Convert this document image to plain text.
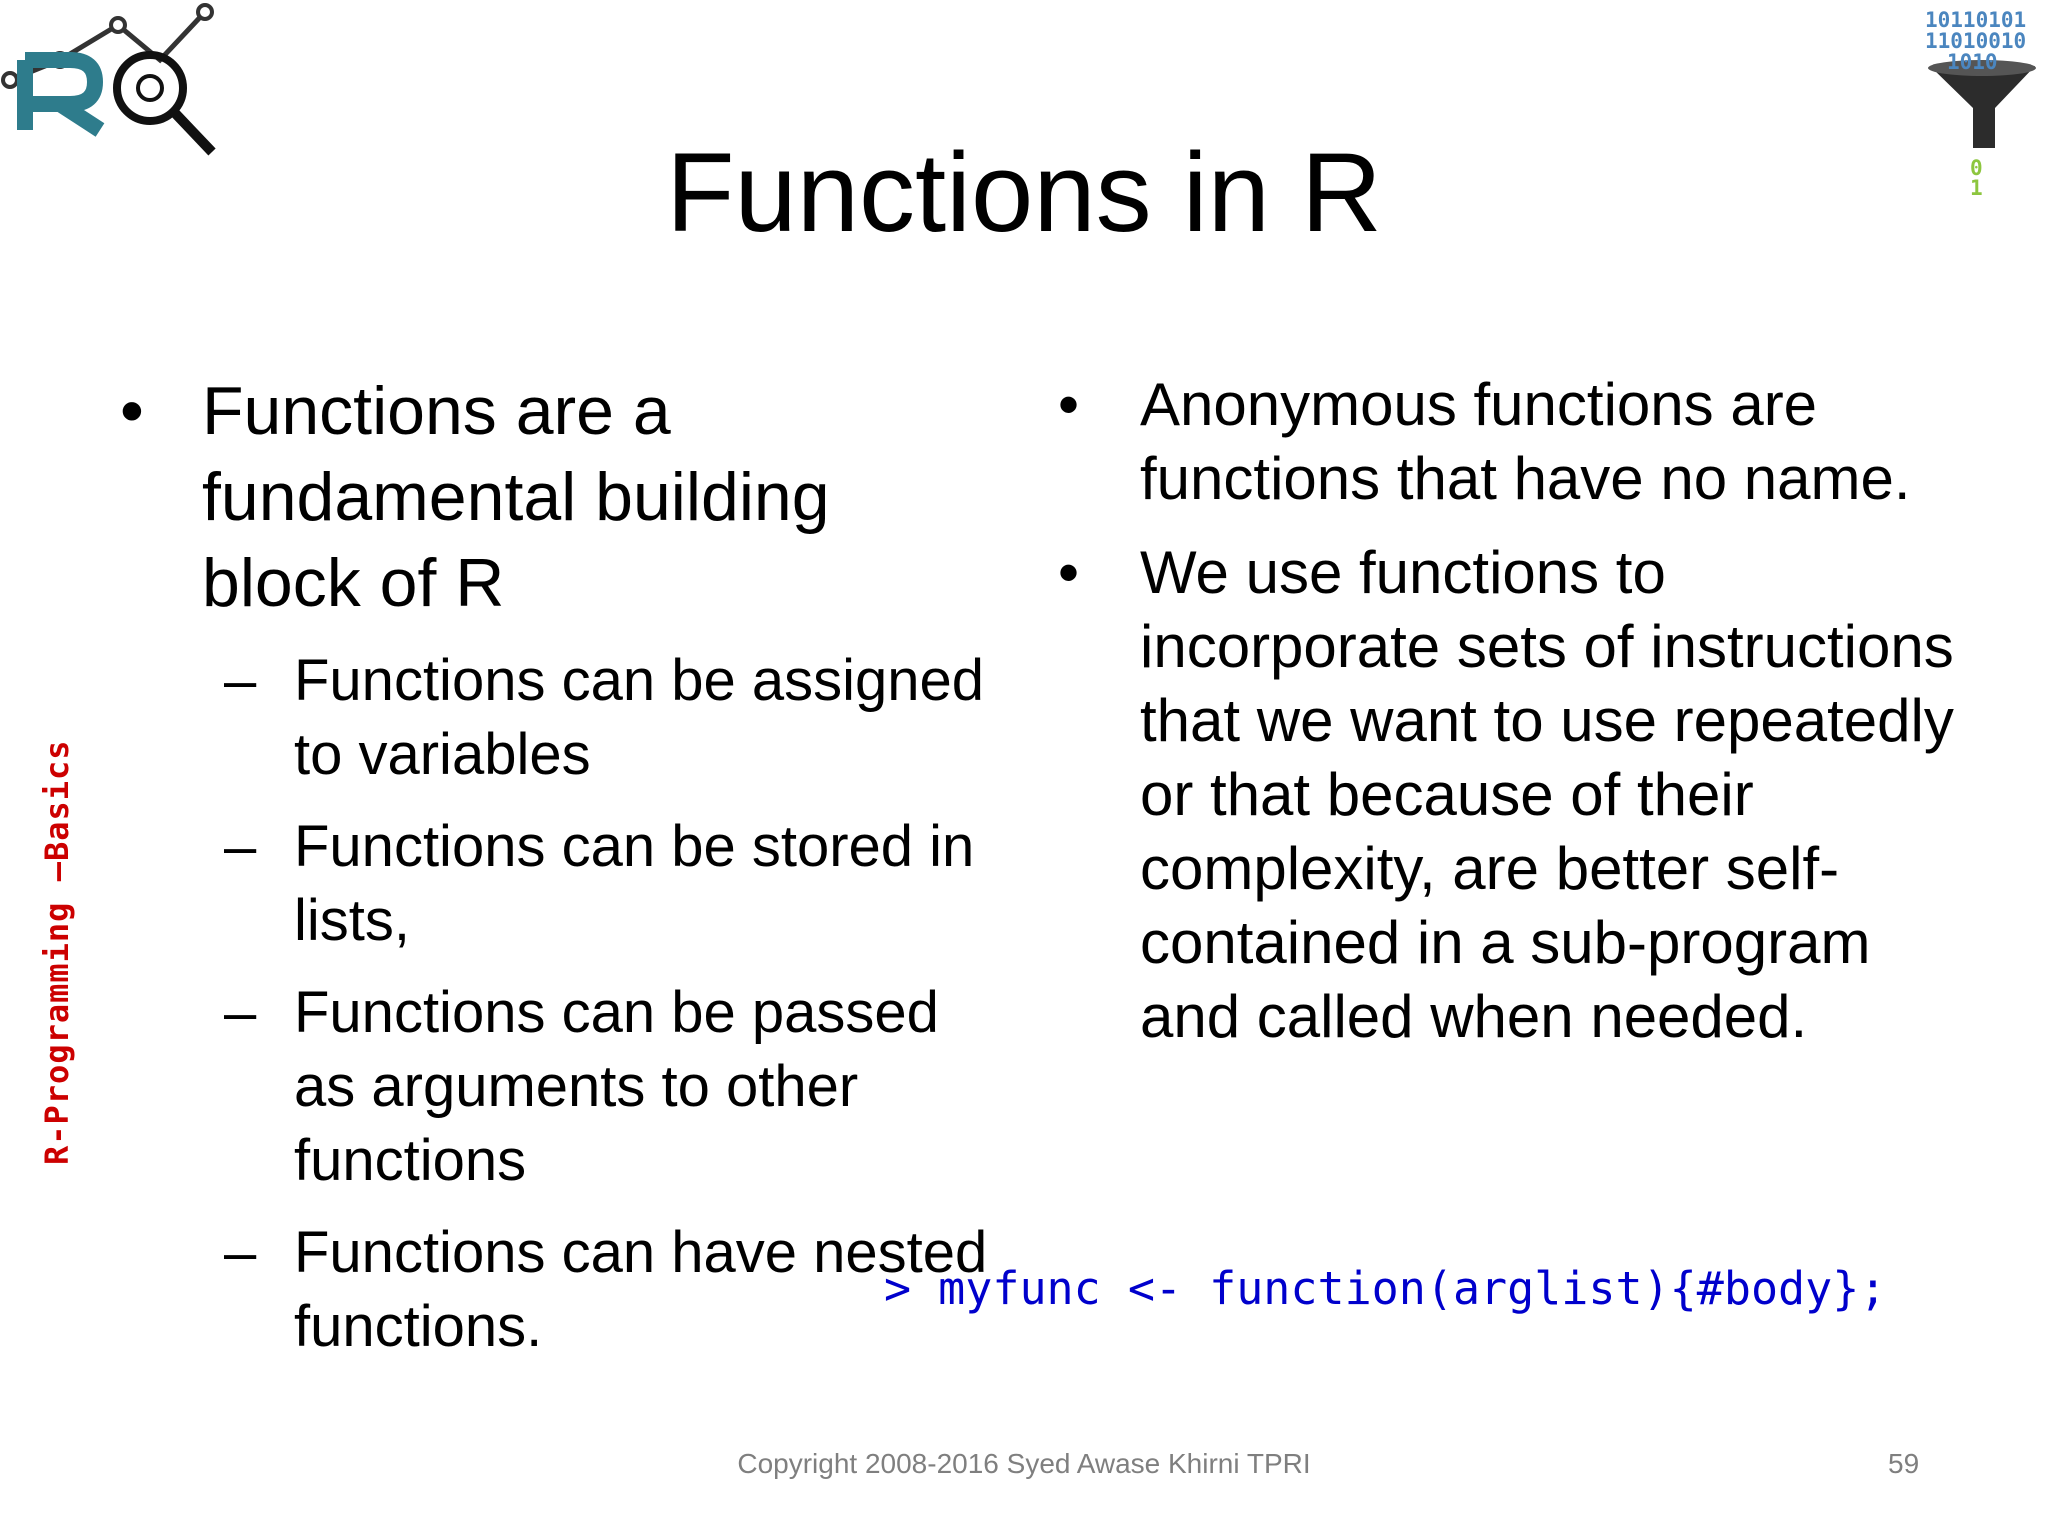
10110101
11010010
1010
0
1
Functions in R
R-Programming –Basics
• Functions are a fundamental building block of R
– Functions can be assigned to variables
– Functions can be stored in lists,
– Functions can be passed as arguments to other functions
– Functions can have nested functions.
• Anonymous functions are functions that have no name.
• We use functions to incorporate sets of instructions that we want to use repeatedly or that because of their complexity, are better self-contained in a sub-program and called when needed.
> myfunc <- function(arglist){#body};
Copyright 2008-2016 Syed Awase Khirni TPRI	59
